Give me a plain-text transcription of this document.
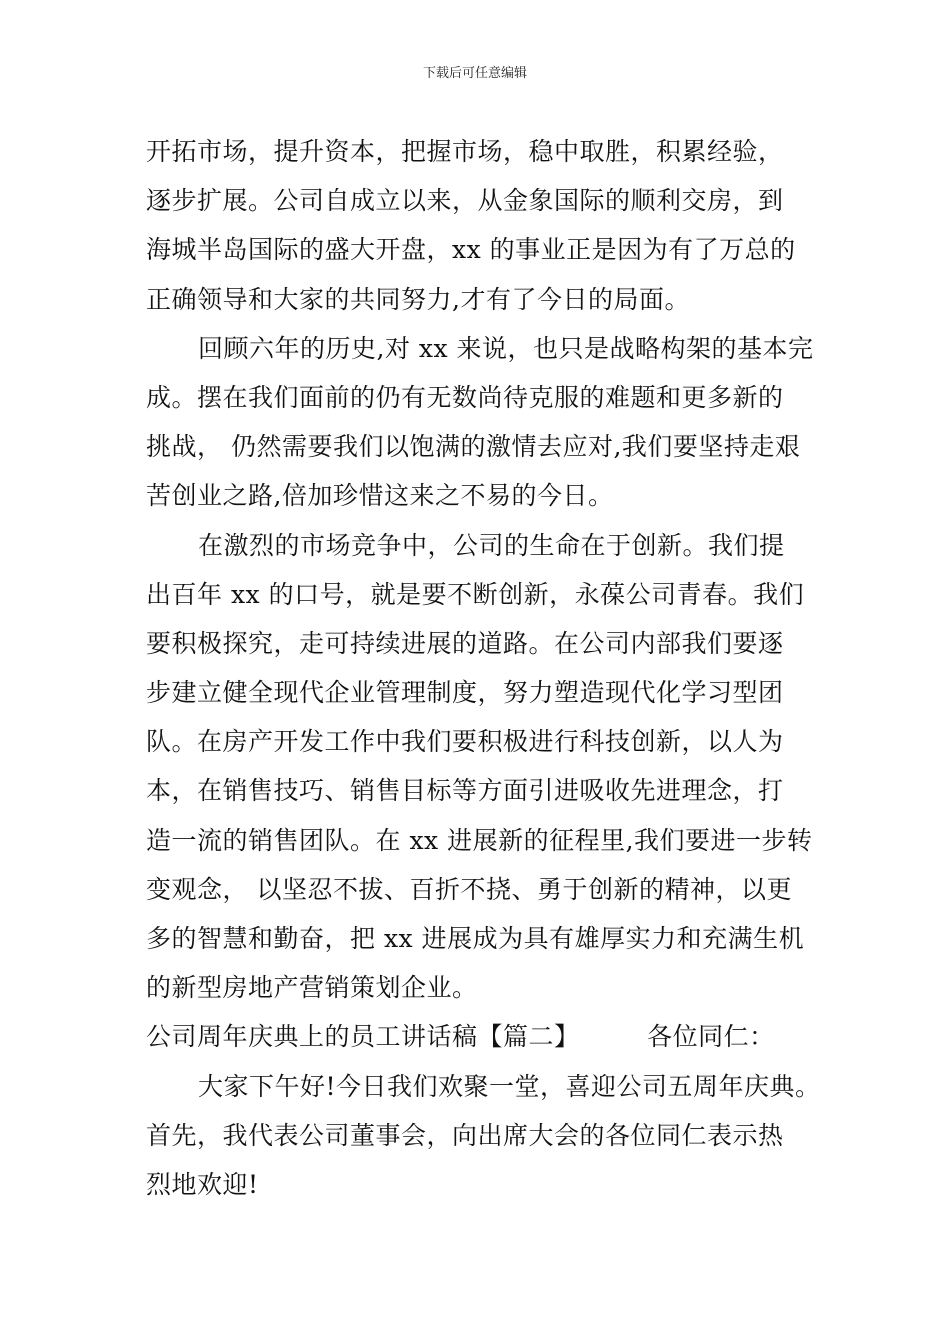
下载后可任意编辑
开拓市场，提升资本，把握市场，稳中取胜，积累经验，
逐步扩展。公司自成立以来，从金象国际的顺利交房，到
海城半岛国际的盛大开盘，xx 的事业正是因为有了万总的
正确领导和大家的共同努力,才有了今日的局面。
回顾六年的历史,对 xx 来说，也只是战略构架的基本完
成。摆在我们面前的仍有无数尚待克服的难题和更多新的
挑战， 仍然需要我们以饱满的激情去应对,我们要坚持走艰
苦创业之路,倍加珍惜这来之不易的今日。
在激烈的市场竞争中，公司的生命在于创新。我们提
出百年 xx 的口号，就是要不断创新，永葆公司青春。我们
要积极探究，走可持续进展的道路。在公司内部我们要逐
步建立健全现代企业管理制度，努力塑造现代化学习型团
队。在房产开发工作中我们要积极进行科技创新，以人为
本，在销售技巧、销售目标等方面引进吸收先进理念，打
造一流的销售团队。在 xx 进展新的征程里,我们要进一步转
变观念， 以坚忍不拔、百折不挠、勇于创新的精神，以更
多的智慧和勤奋，把 xx 进展成为具有雄厚实力和充满生机
的新型房地产营销策划企业。
公司周年庆典上的员工讲话稿【篇二】        各位同仁：
大家下午好!今日我们欢聚一堂，喜迎公司五周年庆典。
首先，我代表公司董事会，向出席大会的各位同仁表示热
烈地欢迎!
